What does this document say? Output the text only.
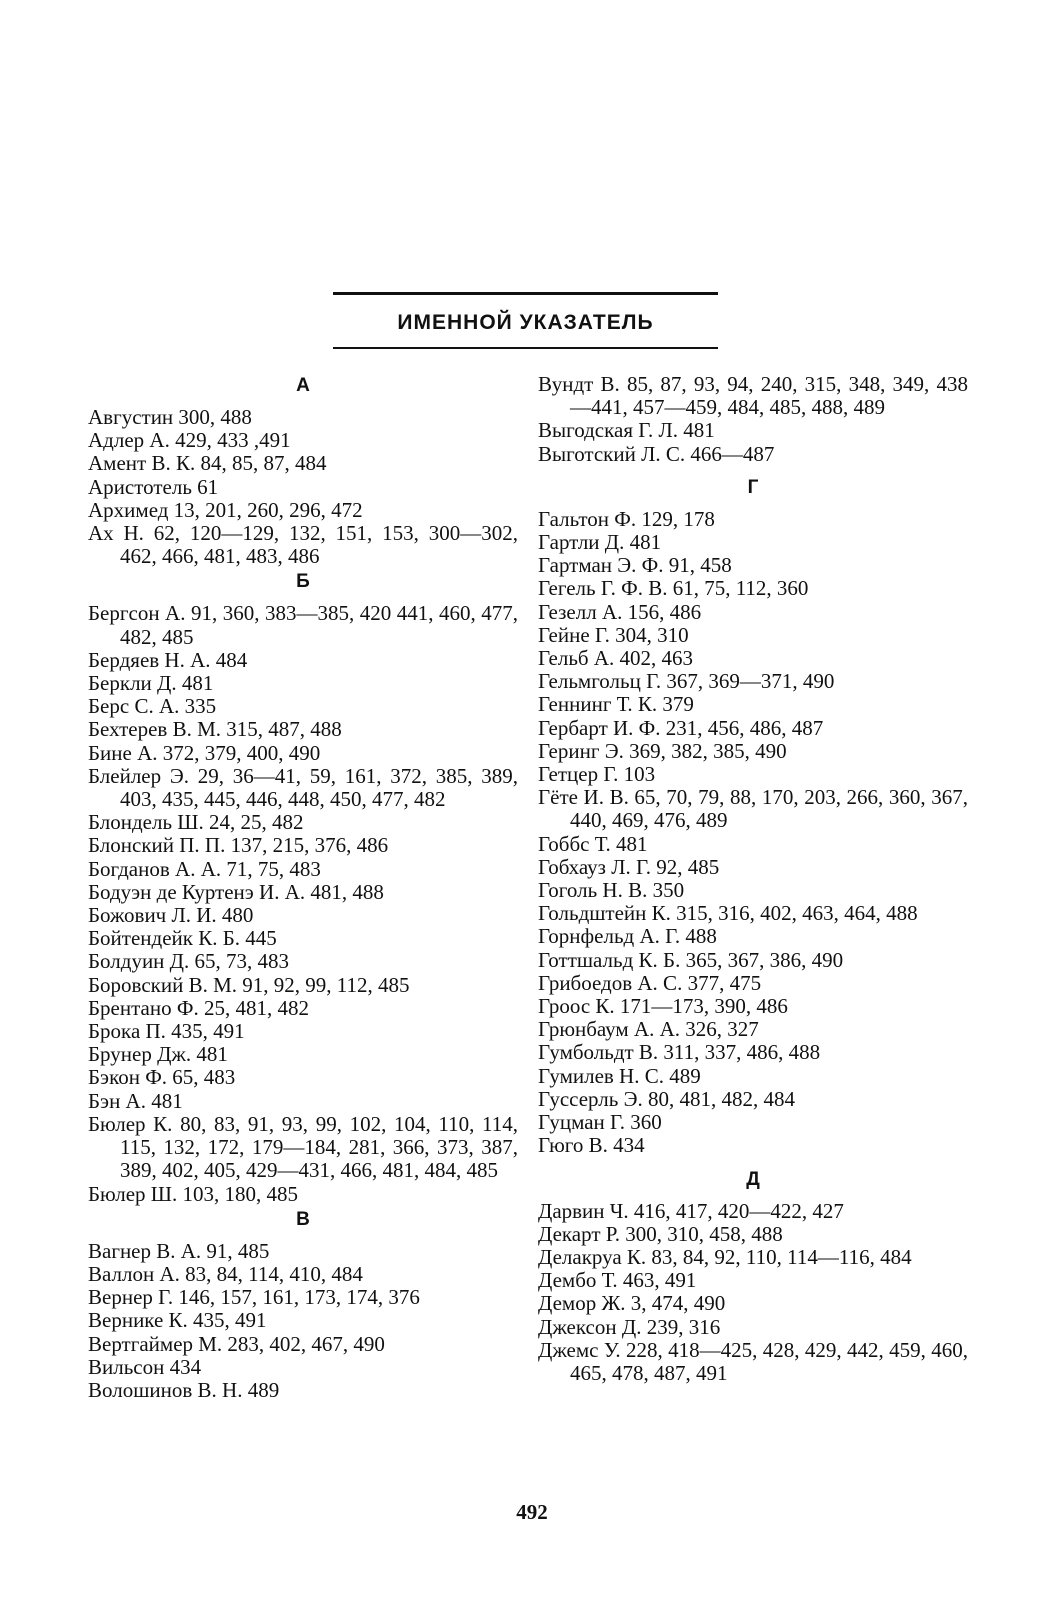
ИМЕННОЙ УКАЗАТЕЛЬ
А
Августин 300, 488
Адлер А. 429, 433 ,491
Амент В. К. 84, 85, 87, 484
Аристотель 61
Архимед 13, 201, 260, 296, 472
Ах Н. 62, 120—129, 132, 151, 153, 300—302, 462, 466, 481, 483, 486
Б
Бергсон А. 91, 360, 383—385, 420 441, 460, 477, 482, 485
Бердяев Н. А. 484
Беркли Д. 481
Берс С. А. 335
Бехтерев В. М. 315, 487, 488
Бине А. 372, 379, 400, 490
Блейлер Э. 29, 36—41, 59, 161, 372, 385, 389, 403, 435, 445, 446, 448, 450, 477, 482
Блондель Ш. 24, 25, 482
Блонский П. П. 137, 215, 376, 486
Богданов А. А. 71, 75, 483
Бодуэн де Куртенэ И. А. 481, 488
Божович Л. И. 480
Бойтендейк К. Б. 445
Болдуин Д. 65, 73, 483
Боровский В. М. 91, 92, 99, 112, 485
Брентано Ф. 25, 481, 482
Брока П. 435, 491
Брунер Дж. 481
Бэкон Ф. 65, 483
Бэн А. 481
Бюлер К. 80, 83, 91, 93, 99, 102, 104, 110, 114, 115, 132, 172, 179—184, 281, 366, 373, 387, 389, 402, 405, 429—431, 466, 481, 484, 485
Бюлер Ш. 103, 180, 485
В
Вагнер В. А. 91, 485
Валлон А. 83, 84, 114, 410, 484
Вернер Г. 146, 157, 161, 173, 174, 376
Вернике К. 435, 491
Вертгаймер М. 283, 402, 467, 490
Вильсон 434
Волошинов В. Н. 489
Вундт В. 85, 87, 93, 94, 240, 315, 348, 349, 438—441, 457—459, 484, 485, 488, 489
Выгодская Г. Л. 481
Выготский Л. С. 466—487
Г
Гальтон Ф. 129, 178
Гартли Д. 481
Гартман Э. Ф. 91, 458
Гегель Г. Ф. В. 61, 75, 112, 360
Гезелл А. 156, 486
Гейне Г. 304, 310
Гельб А. 402, 463
Гельмгольц Г. 367, 369—371, 490
Геннинг Т. К. 379
Гербарт И. Ф. 231, 456, 486, 487
Геринг Э. 369, 382, 385, 490
Гетцер Г. 103
Гёте И. В. 65, 70, 79, 88, 170, 203, 266, 360, 367, 440, 469, 476, 489
Гоббс Т. 481
Гобхауз Л. Г. 92, 485
Гоголь Н. В. 350
Гольдштейн К. 315, 316, 402, 463, 464, 488
Горнфельд А. Г. 488
Готтшальд К. Б. 365, 367, 386, 490
Грибоедов А. С. 377, 475
Гроос К. 171—173, 390, 486
Грюнбаум А. А. 326, 327
Гумбольдт В. 311, 337, 486, 488
Гумилев Н. С. 489
Гуссерль Э. 80, 481, 482, 484
Гуцман Г. 360
Гюго В. 434
Д
Дарвин Ч. 416, 417, 420—422, 427
Декарт Р. 300, 310, 458, 488
Делакруа К. 83, 84, 92, 110, 114—116, 484
Дембо Т. 463, 491
Демор Ж. 3, 474, 490
Джексон Д. 239, 316
Джемс У. 228, 418—425, 428, 429, 442, 459, 460, 465, 478, 487, 491
492
